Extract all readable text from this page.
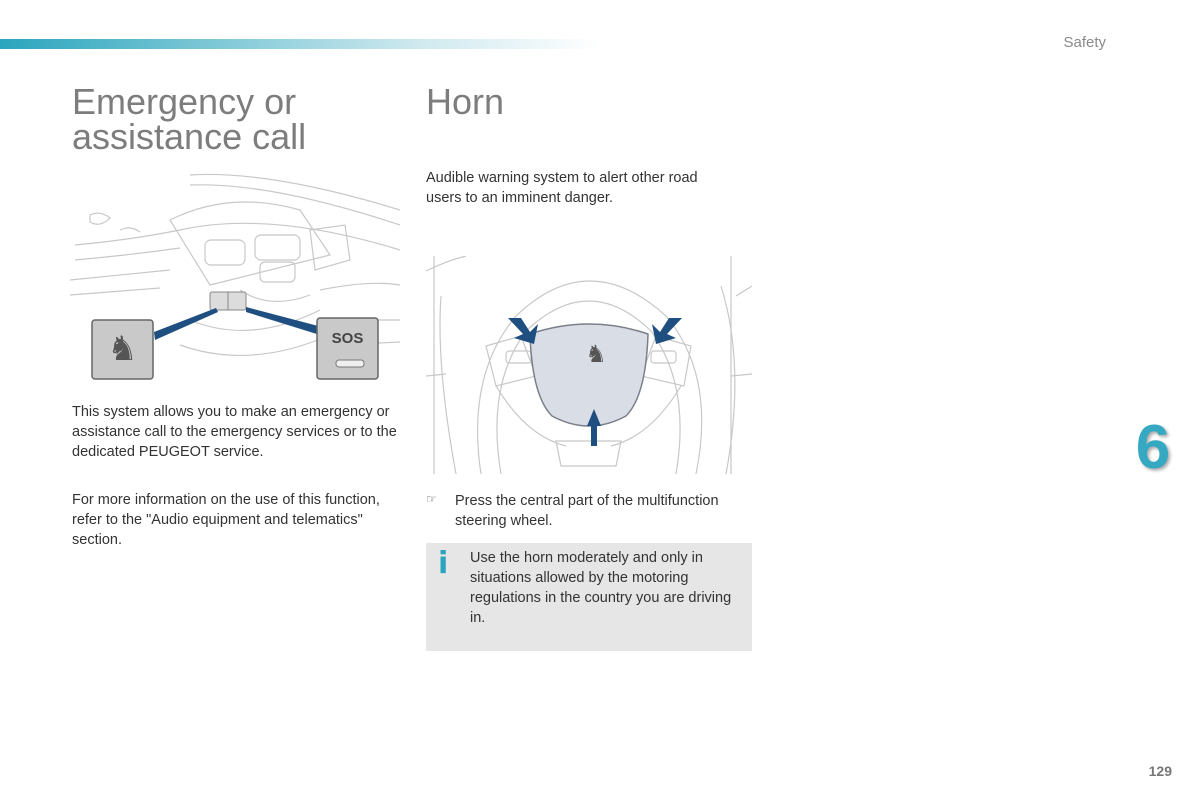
Safety
Emergency or
assistance call
♞	SOS

This system allows you to make an emergency or assistance call to the emergency services or to the dedicated PEUGEOT service.

For more information on the use of this function, refer to the "Audio equipment and telematics" section.

Horn

Audible warning system to alert other road users to an imminent danger.

♞
☞ Press the central part of the multifunction steering wheel.
i Use the horn moderately and only in situations allowed by the motoring regulations in the country you are driving in.
6
129
